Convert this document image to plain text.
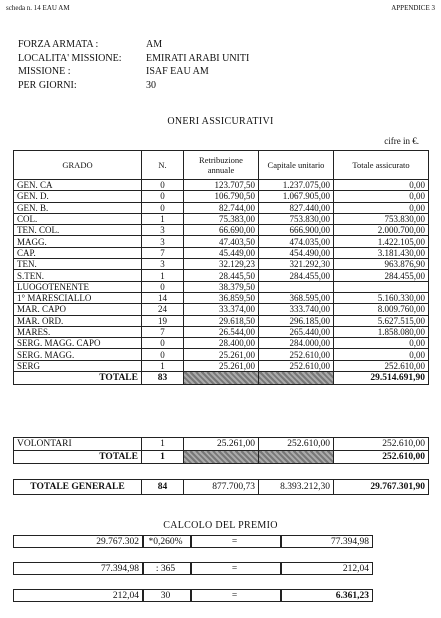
scheda n. 14 EAU AM	APPENDICE 3
FORZA ARMATA :	AM
LOCALITA' MISSIONE:	EMIRATI ARABI UNITI
MISSIONE :	ISAF EAU AM
PER GIORNI:	30
ONERI ASSICURATIVI
cifre in €.
GRADO	N.	Retribuzione annuale	Capitale unitario	Totale assicurato
GEN. CA	0	123.707,50	1.237.075,00	0,00
GEN. D.	0	106.790,50	1.067.905,00	0,00
GEN. B.	0	82.744,00	827.440,00	0,00
COL.	1	75.383,00	753.830,00	753.830,00
TEN. COL.	3	66.690,00	666.900,00	2.000.700,00
MAGG.	3	47.403,50	474.035,00	1.422.105,00
CAP.	7	45.449,00	454.490,00	3.181.430,00
TEN.	3	32.129,23	321.292,30	963.876,90
S.TEN.	1	28.445,50	284.455,00	284.455,00
LUOGOTENENTE	0	38.379,50		
1° MARESCIALLO	14	36.859,50	368.595,00	5.160.330,00
MAR. CAPO	24	33.374,00	333.740,00	8.009.760,00
MAR. ORD.	19	29.618,50	296.185,00	5.627.515,00
MARES.	7	26.544,00	265.440,00	1.858.080,00
SERG. MAGG. CAPO	0	28.400,00	284.000,00	0,00
SERG. MAGG.	0	25.261,00	252.610,00	0,00
SERG	1	25.261,00	252.610,00	252.610,00
TOTALE	83			29.514.691,90
VOLONTARI	1	25.261,00	252.610,00	252.610,00
TOTALE	1			252.610,00
TOTALE GENERALE	84	877.700,73	8.393.212,30	29.767.301,90
CALCOLO DEL PREMIO
29.767.302 *0,260%	=	77.394,98
77.394,98	: 365	=	212,04
212,04	30	=	6.361,23
